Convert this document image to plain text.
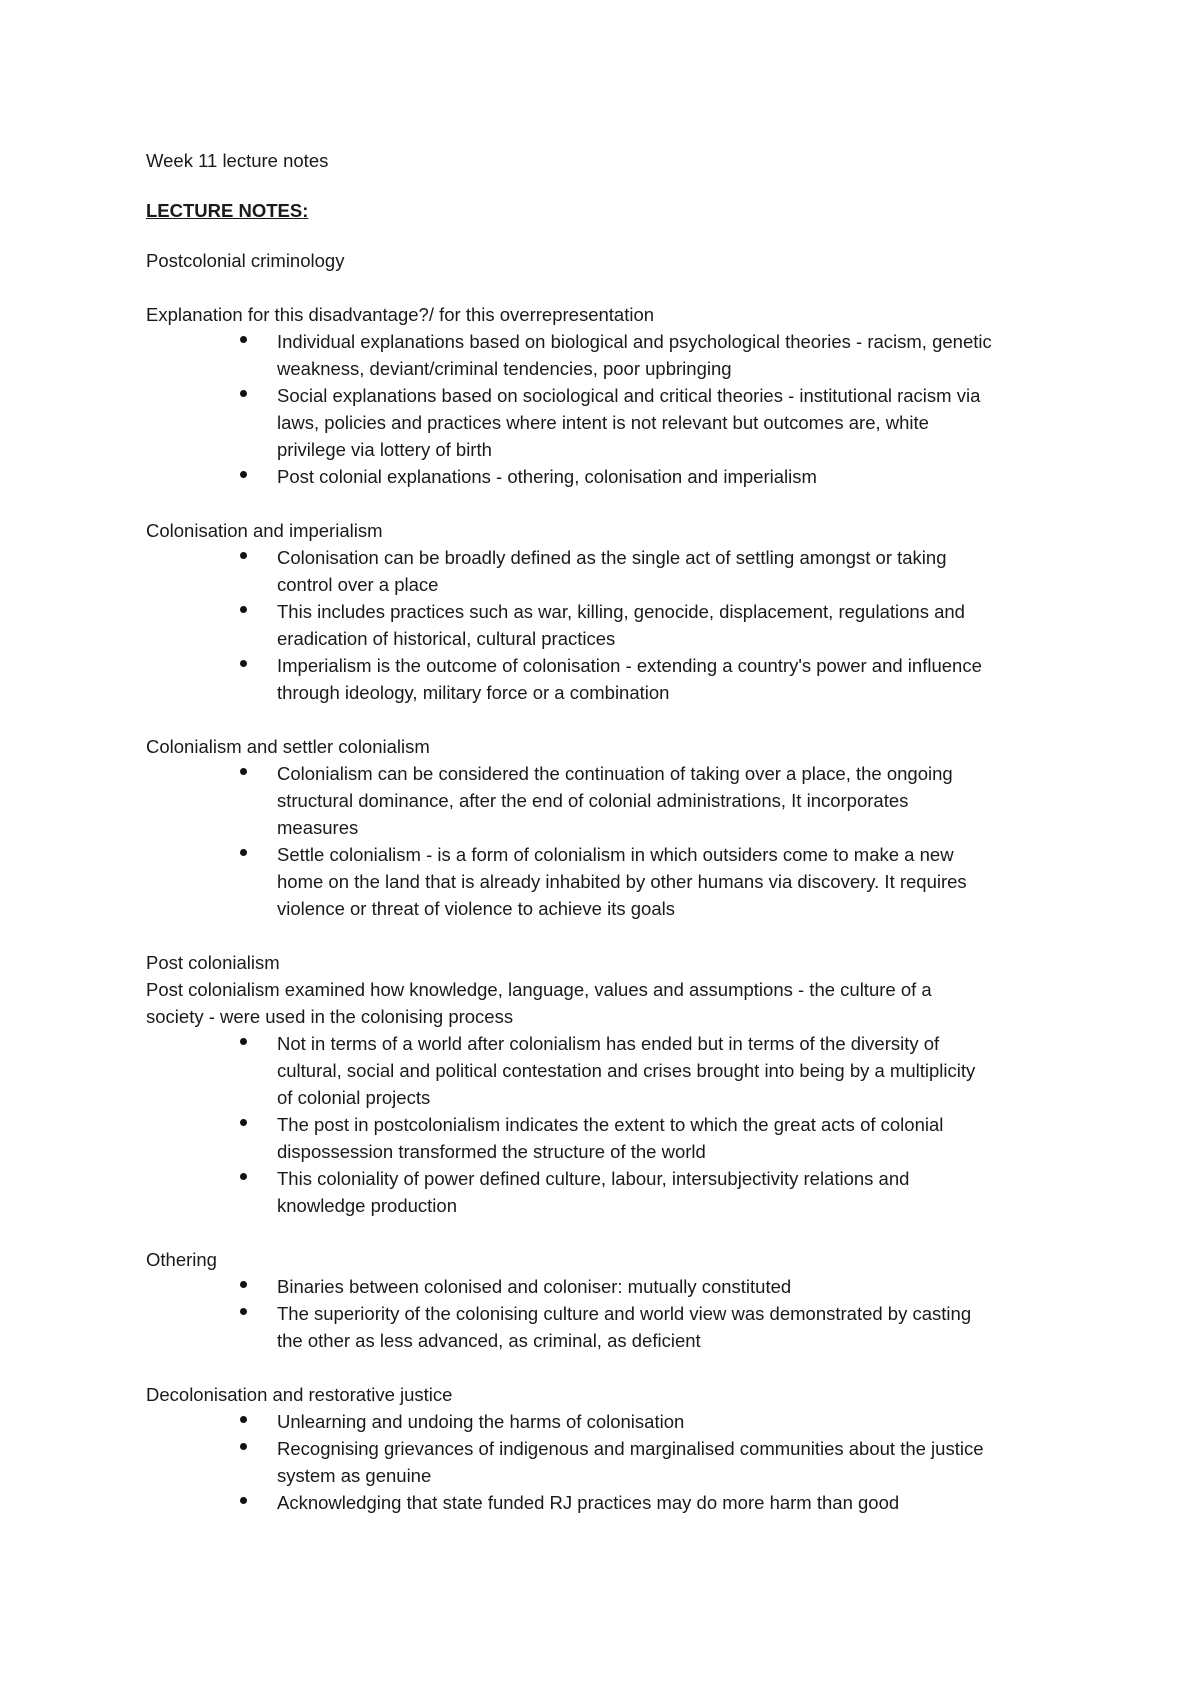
Week 11 lecture notes
LECTURE NOTES:
Postcolonial criminology
Explanation for this disadvantage?/ for this overrepresentation
Individual explanations based on biological and psychological theories - racism, genetic
weakness, deviant/criminal tendencies, poor upbringing
Social explanations based on sociological and critical theories - institutional racism via
laws, policies and practices where intent is not relevant but outcomes are, white
privilege via lottery of birth
Post colonial explanations - othering, colonisation and imperialism
Colonisation and imperialism
Colonisation can be broadly defined as the single act of settling amongst or taking
control over a place
This includes practices such as war, killing, genocide, displacement, regulations and
eradication of historical, cultural practices
Imperialism is the outcome of colonisation - extending a country's power and influence
through ideology, military force or a combination
Colonialism and settler colonialism
Colonialism can be considered the continuation of taking over a place, the ongoing
structural dominance, after the end of colonial administrations, It incorporates
measures
Settle colonialism - is a form of colonialism in which outsiders come to make a new
home on the land that is already inhabited by other humans via discovery. It requires
violence or threat of violence to achieve its goals
Post colonialism
Post colonialism examined how knowledge, language, values and assumptions - the culture of a
society - were used in the colonising process
Not in terms of a world after colonialism has ended but in terms of the diversity of
cultural, social and political contestation and crises brought into being by a multiplicity
of colonial projects
The post in postcolonialism indicates the extent to which the great acts of colonial
dispossession transformed the structure of the world
This coloniality of power defined culture, labour, intersubjectivity relations and
knowledge production
Othering
Binaries between colonised and coloniser: mutually constituted
The superiority of the colonising culture and world view was demonstrated by casting
the other as less advanced, as criminal, as deficient
Decolonisation and restorative justice
Unlearning and undoing the harms of colonisation
Recognising grievances of indigenous and marginalised communities about the justice
system as genuine
Acknowledging that state funded RJ practices may do more harm than good
